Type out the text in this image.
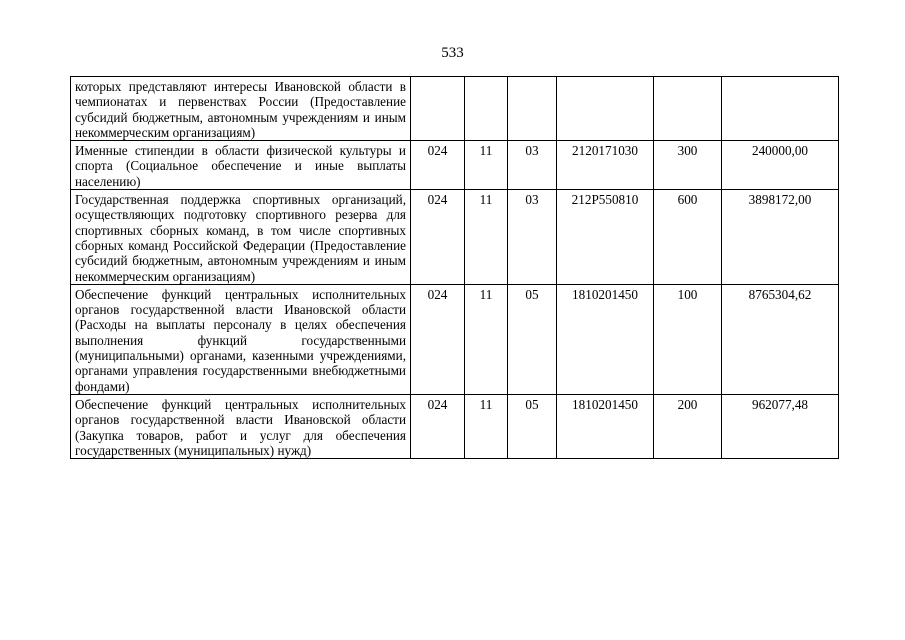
533
которых представляют интересы Ивановской области в чемпионатах и первенствах России (Предоставление субсидий бюджетным, автономным учреждениям и иным некоммерческим организациям)						
Именные стипендии в области физической культуры и спорта (Социальное обеспечение и иные выплаты населению)	024	11	03	2120171030	300	240000,00
Государственная поддержка спортивных организаций, осуществляющих подготовку спортивного резерва для спортивных сборных команд, в том числе спортивных сборных команд Российской Федерации (Предоставление субсидий бюджетным, автономным учреждениям и иным некоммерческим организациям)	024	11	03	212P550810	600	3898172,00
Обеспечение функций центральных исполнительных органов государственной власти Ивановской области (Расходы на выплаты персоналу в целях обеспечения выполнения функций государственными (муниципальными) органами, казенными учреждениями, органами управления государственными внебюджетными фондами)	024	11	05	1810201450	100	8765304,62
Обеспечение функций центральных исполнительных органов государственной власти Ивановской области (Закупка товаров, работ и услуг для обеспечения государственных (муниципальных) нужд)	024	11	05	1810201450	200	962077,48
